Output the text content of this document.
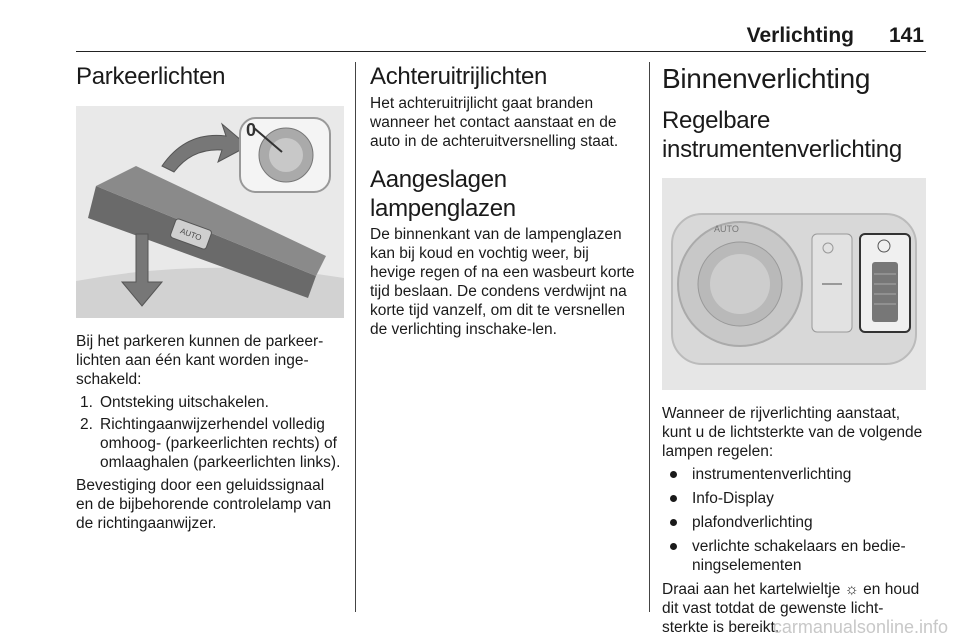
Verlichting 141
Parkeerlichten
AUTO
0

Bij het parkeren kunnen de parkeer-lichten aan één kant worden inge-schakeld:

1. Ontsteking uitschakelen.
2. Richtingaanwijzerhendel volledig omhoog- (parkeerlichten rechts) of omlaaghalen (parkeerlichten links).

Bevestiging door een geluidssignaal en de bijbehorende controlelamp van de richtingaanwijzer.

Achteruitrijlichten

Het achteruitrijlicht gaat branden wanneer het contact aanstaat en de auto in de achteruitversnelling staat.

Aangeslagen lampenglazen

De binnenkant van de lampenglazen kan bij koud en vochtig weer, bij hevige regen of na een wasbeurt korte tijd beslaan. De condens verdwijnt na korte tijd vanzelf, om dit te versnellen de verlichting inschake-len.

Binnenverlichting
Regelbare instrumentenverlichting
AUTO

Wanneer de rijverlichting aanstaat, kunt u de lichtsterkte van de volgende lampen regelen:

instrumentenverlichting
Info-Display
plafondverlichting
verlichte schakelaars en bedie-ningselementen

Draai aan het kartelwieltje ☼ en houd dit vast totdat de gewenste licht-sterkte is bereikt.

carmanualsonline.info
